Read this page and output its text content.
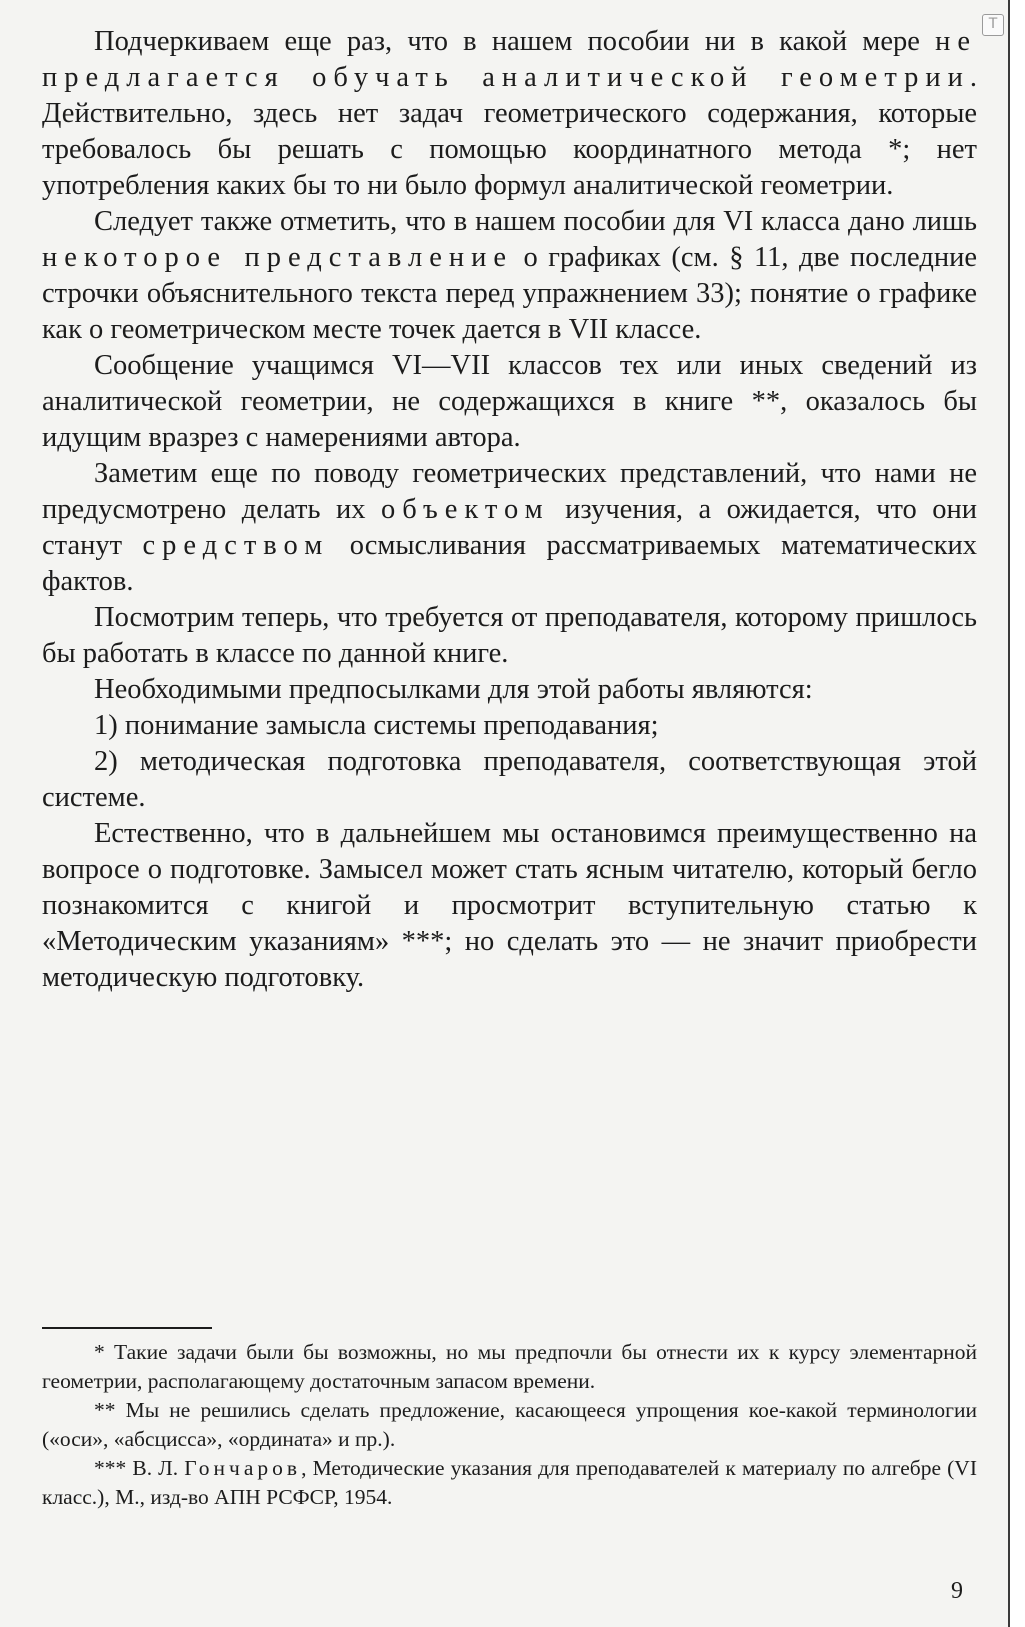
T

Подчеркиваем еще раз, что в нашем пособии ни в какой мере не предлагается обучать аналитической геометрии. Действительно, здесь нет задач геометрического содержания, которые требовалось бы решать с помощью координатного метода *; нет употребления каких бы то ни было формул аналитической геометрии.

Следует также отметить, что в нашем пособии для VI класса дано лишь некоторое представление о графиках (см. § 11, две последние строчки объяснительного текста перед упражнением 33); понятие о графике как о геометрическом месте точек дается в VII классе.

Сообщение учащимся VI—VII классов тех или иных сведений из аналитической геометрии, не содержащихся в книге **, оказалось бы идущим вразрез с намерениями автора.

Заметим еще по поводу геометрических представлений, что нами не предусмотрено делать их объектом изучения, а ожидается, что они станут средством осмысливания рассматриваемых математических фактов.

Посмотрим теперь, что требуется от преподавателя, которому пришлось бы работать в классе по данной книге.

Необходимыми предпосылками для этой работы являются:

1) понимание замысла системы преподавания;

2) методическая подготовка преподавателя, соответствующая этой системе.

Естественно, что в дальнейшем мы остановимся преимущественно на вопросе о подготовке. Замысел может стать ясным читателю, который бегло познакомится с книгой и просмотрит вступительную статью к «Методическим указаниям» ***; но сделать это — не значит приобрести методическую подготовку.

* Такие задачи были бы возможны, но мы предпочли бы отнести их к курсу элементарной геометрии, располагающему достаточным запасом времени.

** Мы не решились сделать предложение, касающееся упрощения кое-какой терминологии («оси», «абсцисса», «ордината» и пр.).

*** В. Л. Гончаров, Методические указания для преподавателей к материалу по алгебре (VI класс.), М., изд-во АПН РСФСР, 1954.

9
